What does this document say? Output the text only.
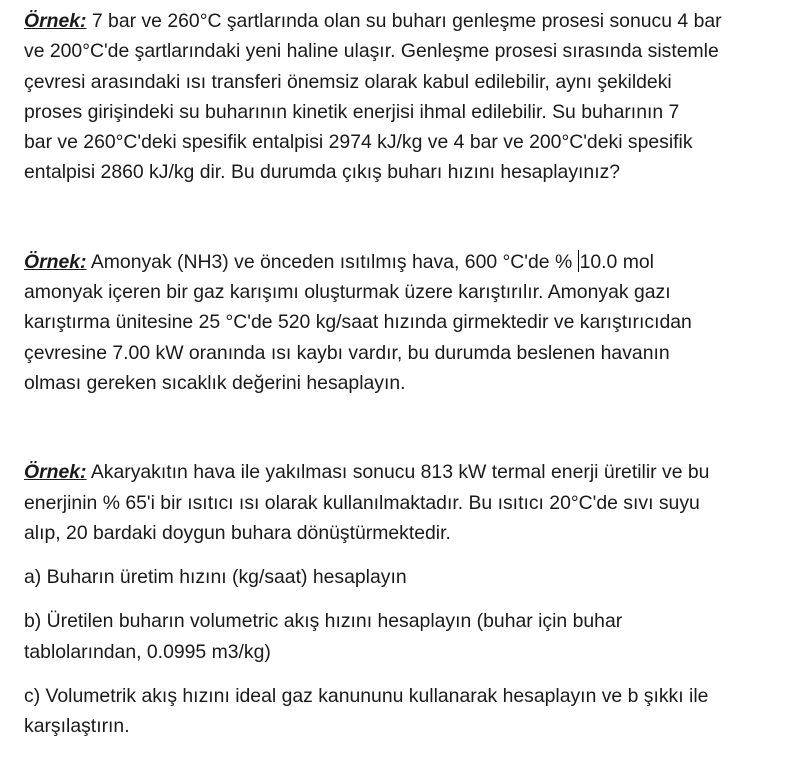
Örnek: 7 bar ve 260°C şartlarında olan su buharı genleşme prosesi sonucu 4 bar
ve 200°C'de şartlarındaki yeni haline ulaşır. Genleşme prosesi sırasında sistemle
çevresi arasındaki ısı transferi önemsiz olarak kabul edilebilir, aynı şekildeki
proses girişindeki su buharının kinetik enerjisi ihmal edilebilir. Su buharının 7
bar ve 260°C'deki spesifik entalpisi 2974 kJ/kg ve 4 bar ve 200°C'deki spesifik
entalpisi 2860 kJ/kg dir. Bu durumda çıkış buharı hızını hesaplayınız?
Örnek: Amonyak (NH3) ve önceden ısıtılmış hava, 600 °C'de % 10.0 mol
amonyak içeren bir gaz karışımı oluşturmak üzere karıştırılır. Amonyak gazı
karıştırma ünitesine 25 °C'de 520 kg/saat hızında girmektedir ve karıştırıcıdan
çevresine 7.00 kW oranında ısı kaybı vardır, bu durumda beslenen havanın
olması gereken sıcaklık değerini hesaplayın.
Örnek: Akaryakıtın hava ile yakılması sonucu 813 kW termal enerji üretilir ve bu
enerjinin % 65'i bir ısıtıcı ısı olarak kullanılmaktadır. Bu ısıtıcı 20°C'de sıvı suyu
alıp, 20 bardaki doygun buhara dönüştürmektedir.
a) Buharın üretim hızını (kg/saat) hesaplayın
b) Üretilen buharın volumetric akış hızını hesaplayın (buhar için buhar
tablolarından, 0.0995 m3/kg)
c) Volumetrik akış hızını ideal gaz kanununu kullanarak hesaplayın ve b şıkkı ile
karşılaştırın.
